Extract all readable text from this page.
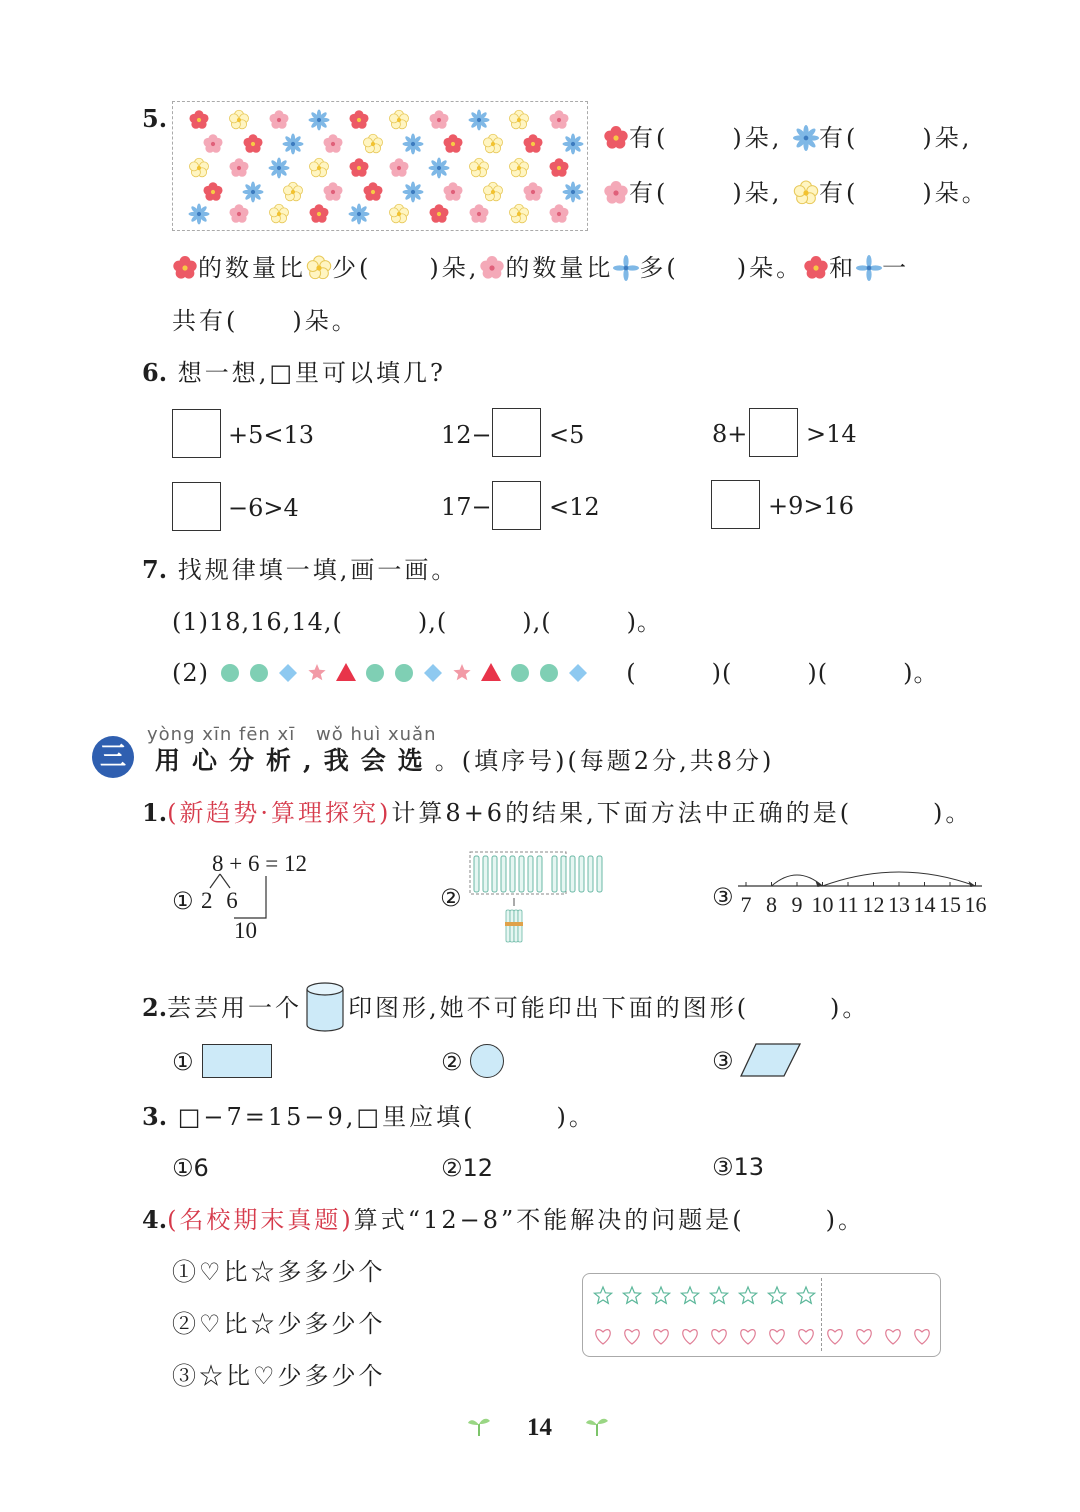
5.
有(	)朵, 有(	)朵,
有(	)朵, 有(	)朵。
的数量比 少( )朵, 的数量比 多( )朵。 和 一
共有( )朵。
6. 想一想,□里可以填几?
+5<13	12− <5	8+ >14
−6>4	17− <12	+9>16
7. 找规律填一填,画一画。
(1)18,16,14,(　　　),(　　　),(　　　)。
(2)	(　　　)(　　　)(　　　)。
三
yòng xīn fēn xī wǒ huì xuǎn
用心分析,我会选。(填序号)(每题2分,共8分)
1.(新趋势·算理探究)计算8+6的结果,下面方法中正确的是(　　　)。
①
8 + 6 = 12
2 6
10
②	③ 7 8 9 10 11 12 13 14 15 16
2.芸芸用一个 印图形,她不可能印出下面的图形(　　　)。
①	②	③
3. □−7=15−9,□里应填(　　　)。
①6	②12	③13
4.(名校期末真题)算式“12−8”不能解决的问题是(　　　)。
①♡比☆多多少个
②♡比☆少多少个
③☆比♡少多少个
14
